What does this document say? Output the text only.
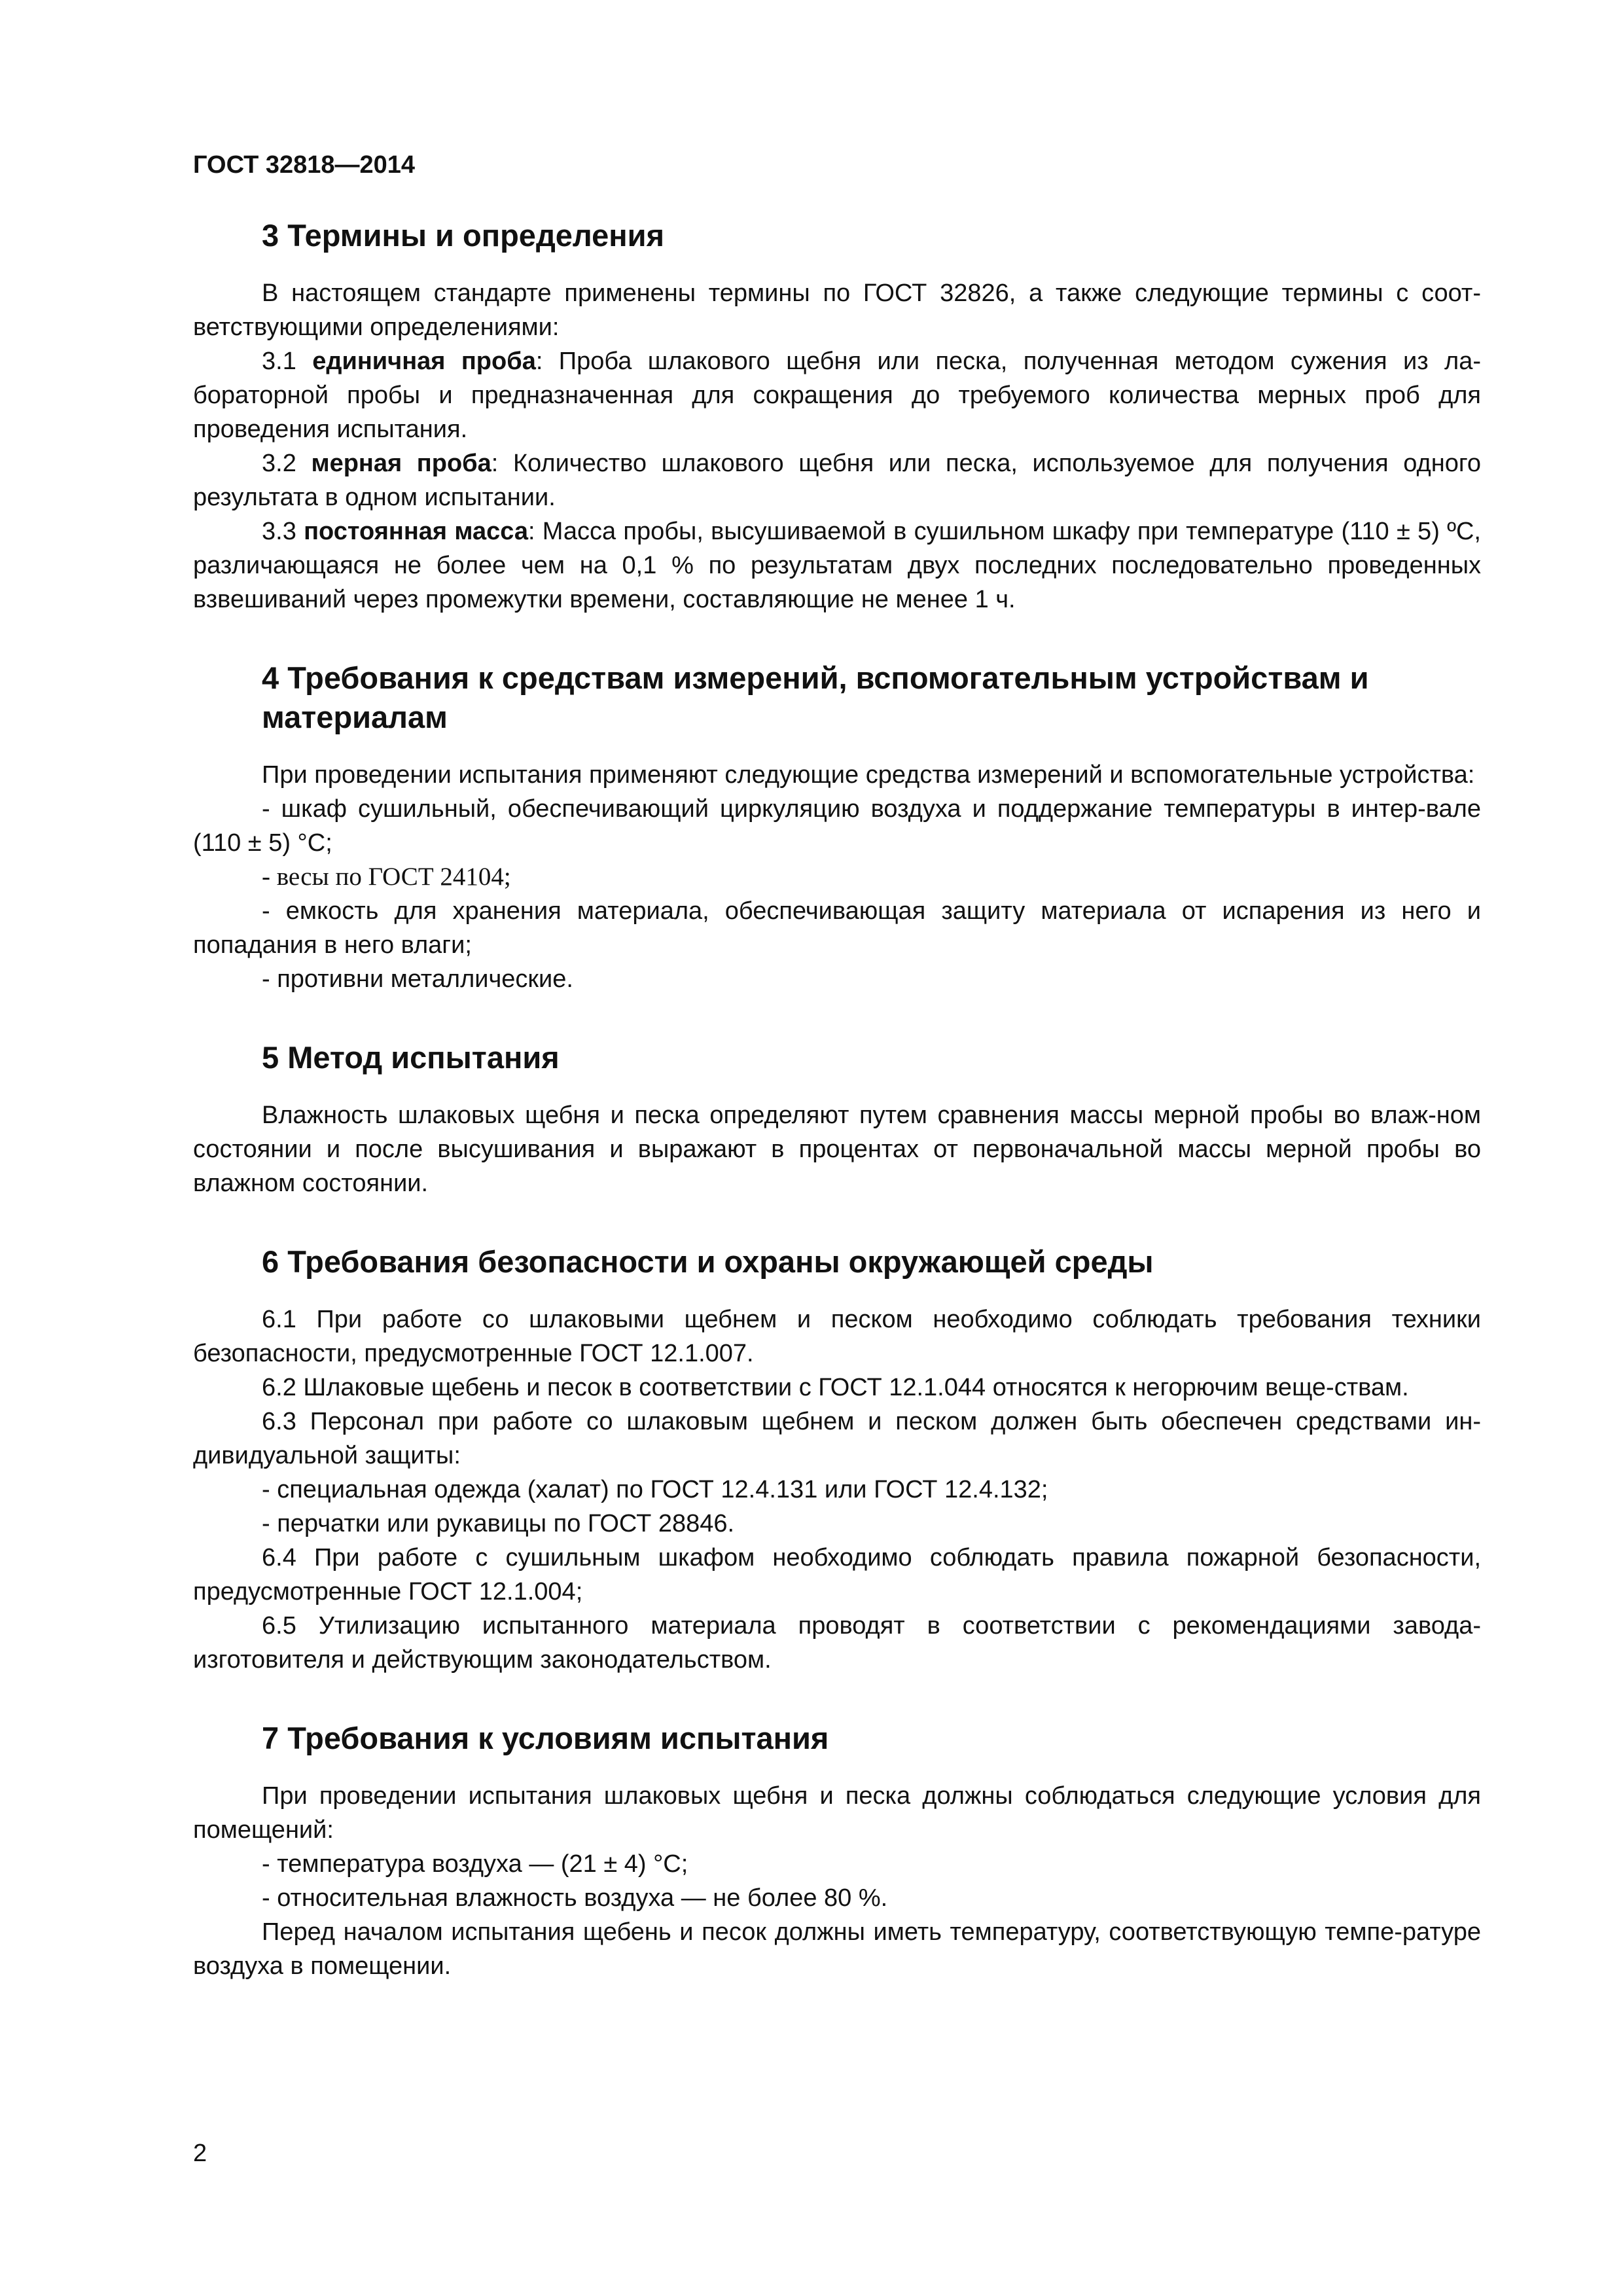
ГОСТ 32818—2014
3 Термины и определения

В настоящем стандарте применены термины по ГОСТ 32826, а также следующие термины с соот-ветствующими определениями:

3.1 единичная проба: Проба шлакового щебня или песка, полученная методом сужения из ла-бораторной пробы и предназначенная для сокращения до требуемого количества мерных проб для проведения испытания.

3.2 мерная проба: Количество шлакового щебня или песка, используемое для получения одного результата в одном испытании.

3.3 постоянная масса: Масса пробы, высушиваемой в сушильном шкафу при температуре (110 ± 5) ºС, различающаяся не более чем на 0,1 % по результатам двух последних последовательно проведенных взвешиваний через промежутки времени, составляющие не менее 1 ч.

4 Требования к средствам измерений, вспомогательным устройствам и материалам

При проведении испытания применяют следующие средства измерений и вспомогательные устройства:

- шкаф сушильный, обеспечивающий циркуляцию воздуха и поддержание температуры в интер-вале (110 ± 5) °С;

- весы по ГОСТ 24104;

- емкость для хранения материала, обеспечивающая защиту материала от испарения из него и попадания в него влаги;

- противни металлические.

5 Метод испытания

Влажность шлаковых щебня и песка определяют путем сравнения массы мерной пробы во влаж-ном состоянии и после высушивания и выражают в процентах от первоначальной массы мерной пробы во влажном состоянии.

6 Требования безопасности и охраны окружающей среды

6.1 При работе со шлаковыми щебнем и песком необходимо соблюдать требования техники безопасности, предусмотренные ГОСТ 12.1.007.

6.2 Шлаковые щебень и песок в соответствии с ГОСТ 12.1.044 относятся к негорючим веще-ствам.

6.3 Персонал при работе со шлаковым щебнем и песком должен быть обеспечен средствами ин-дивидуальной защиты:

- специальная одежда (халат) по ГОСТ 12.4.131 или ГОСТ 12.4.132;

- перчатки или рукавицы по ГОСТ 28846.

6.4 При работе с сушильным шкафом необходимо соблюдать правила пожарной безопасности, предусмотренные ГОСТ 12.1.004;

6.5 Утилизацию испытанного материала проводят в соответствии с рекомендациями завода-изготовителя и действующим законодательством.

7 Требования к условиям испытания

При проведении испытания шлаковых щебня и песка должны соблюдаться следующие условия для помещений:

- температура воздуха — (21 ± 4) °С;

- относительная влажность воздуха — не более 80 %.

Перед началом испытания щебень и песок должны иметь температуру, соответствующую темпе-ратуре воздуха в помещении.

2
